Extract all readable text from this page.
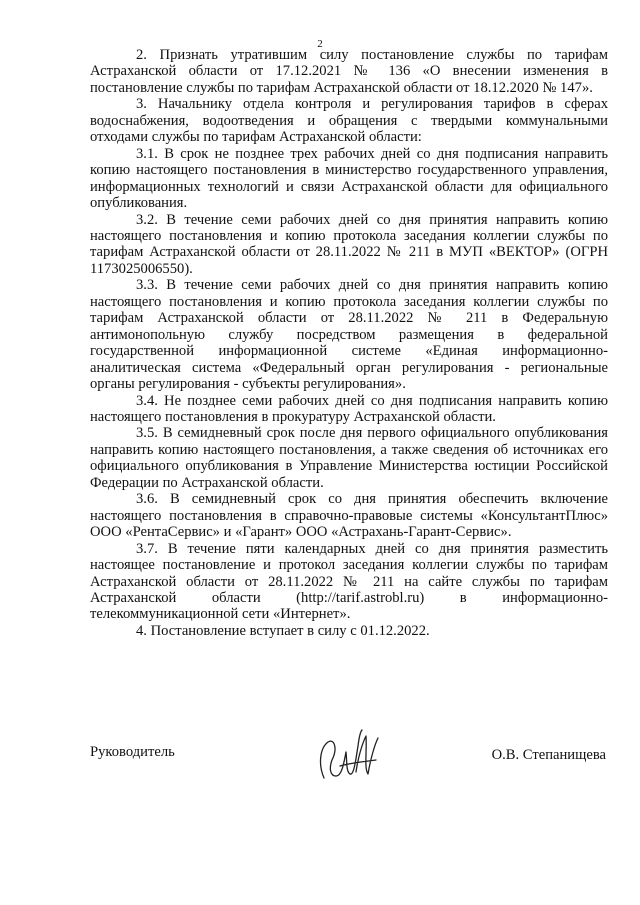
2

2. Признать утратившим силу постановление службы по тарифам Астраханской области от 17.12.2021 № 136 «О внесении изменения в постановление службы по тарифам Астраханской области от 18.12.2020 № 147».

3. Начальнику отдела контроля и регулирования тарифов в сферах водоснабжения, водоотведения и обращения с твердыми коммунальными отходами службы по тарифам Астраханской области:

3.1. В срок не позднее трех рабочих дней со дня подписания направить копию настоящего постановления в министерство государственного управления, информационных технологий и связи Астраханской области для официального опубликования.

3.2. В течение семи рабочих дней со дня принятия направить копию настоящего постановления и копию протокола заседания коллегии службы по тарифам Астраханской области от 28.11.2022 № 211 в МУП «ВЕКТОР» (ОГРН 1173025006550).

3.3. В течение семи рабочих дней со дня принятия направить копию настоящего постановления и копию протокола заседания коллегии службы по тарифам Астраханской области от 28.11.2022 № 211 в Федеральную антимонопольную службу посредством размещения в федеральной государственной информационной системе «Единая информационно-аналитическая система «Федеральный орган регулирования - региональные органы регулирования - субъекты регулирования».

3.4. Не позднее семи рабочих дней со дня подписания направить копию настоящего постановления в прокуратуру Астраханской области.

3.5. В семидневный срок после дня первого официального опубликования направить копию настоящего постановления, а также сведения об источниках его официального опубликования в Управление Министерства юстиции Российской Федерации по Астраханской области.

3.6. В семидневный срок со дня принятия обеспечить включение настоящего постановления в справочно-правовые системы «КонсультантПлюс» ООО «РентаСервис» и «Гарант» ООО «Астрахань-Гарант-Сервис».

3.7. В течение пяти календарных дней со дня принятия разместить настоящее постановление и протокол заседания коллегии службы по тарифам Астраханской области от 28.11.2022 № 211 на сайте службы по тарифам Астраханской области (http://tarif.astrobl.ru) в информационно-телекоммуникационной сети «Интернет».

4. Постановление вступает в силу с 01.12.2022.

Руководитель	О.В. Степанищева
